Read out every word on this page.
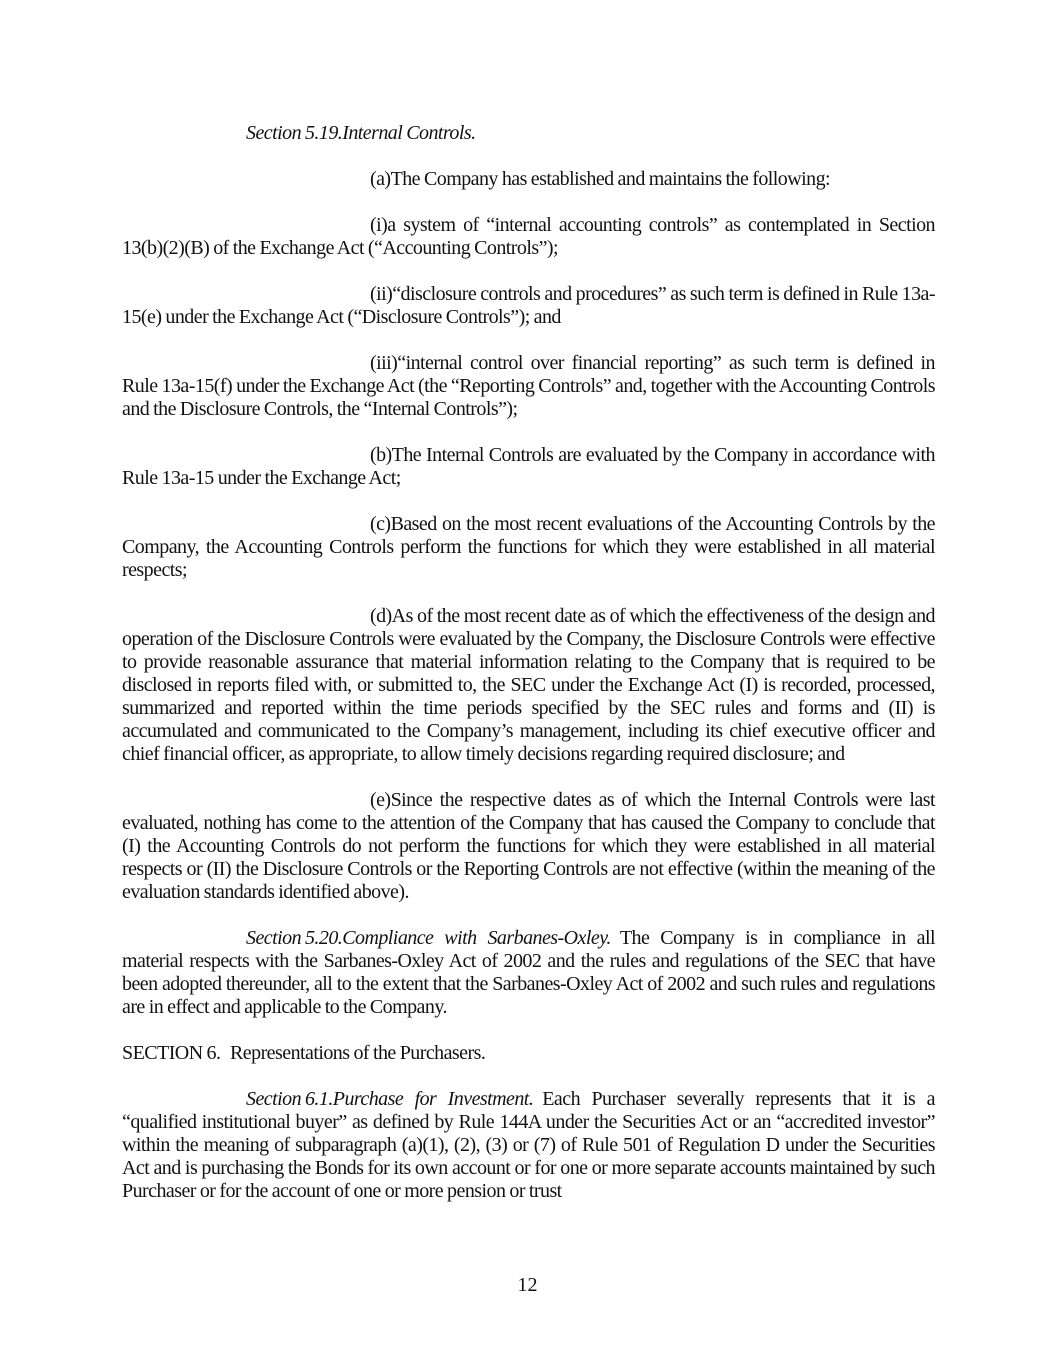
Section 5.19.Internal Controls.

(a)The Company has established and maintains the following:

(i)a system of “internal accounting controls” as contemplated in Section 13(b)(2)(B) of the Exchange Act (“Accounting Controls”);

(ii)“disclosure controls and procedures” as such term is defined in Rule 13a-15(e) under the Exchange Act (“Disclosure Controls”); and

(iii)“internal control over financial reporting” as such term is defined in Rule 13a-15(f) under the Exchange Act (the “Reporting Controls” and, together with the Accounting Controls and the Disclosure Controls, the “Internal Controls”);

(b)The Internal Controls are evaluated by the Company in accordance with Rule 13a-15 under the Exchange Act;

(c)Based on the most recent evaluations of the Accounting Controls by the Company, the Accounting Controls perform the functions for which they were established in all material respects;

(d)As of the most recent date as of which the effectiveness of the design and operation of the Disclosure Controls were evaluated by the Company, the Disclosure Controls were effective to provide reasonable assurance that material information relating to the Company that is required to be disclosed in reports filed with, or submitted to, the SEC under the Exchange Act (I) is recorded, processed, summarized and reported within the time periods specified by the SEC rules and forms and (II) is accumulated and communicated to the Company’s management, including its chief executive officer and chief financial officer, as appropriate, to allow timely decisions regarding required disclosure; and

(e)Since the respective dates as of which the Internal Controls were last evaluated, nothing has come to the attention of the Company that has caused the Company to conclude that (I) the Accounting Controls do not perform the functions for which they were established in all material respects or (II) the Disclosure Controls or the Reporting Controls are not effective (within the meaning of the evaluation standards identified above).

Section 5.20.Compliance with Sarbanes-Oxley. The Company is in compliance in all material respects with the Sarbanes-Oxley Act of 2002 and the rules and regulations of the SEC that have been adopted thereunder, all to the extent that the Sarbanes-Oxley Act of 2002 and such rules and regulations are in effect and applicable to the Company.

SECTION 6. Representations of the Purchasers.

Section 6.1.Purchase for Investment. Each Purchaser severally represents that it is a “qualified institutional buyer” as defined by Rule 144A under the Securities Act or an “accredited investor” within the meaning of subparagraph (a)(1), (2), (3) or (7) of Rule 501 of Regulation D under the Securities Act and is purchasing the Bonds for its own account or for one or more separate accounts maintained by such Purchaser or for the account of one or more pension or trust

12
